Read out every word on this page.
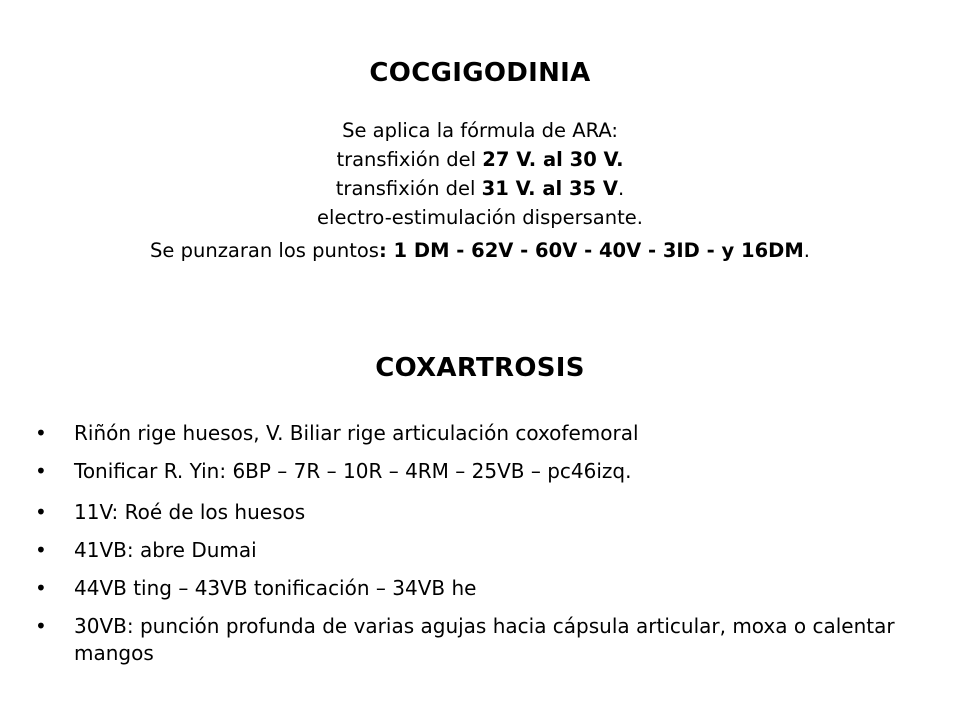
COCGIGODINIA
Se aplica la fórmula de ARA:
transfixión del 27 V. al 30 V.
transfixión del 31 V. al 35 V.
electro-estimulación dispersante.
Se punzaran los puntos: 1 DM - 62V - 60V - 40V - 3ID - y 16DM.
COXARTROSIS
• Riñón rige huesos, V. Biliar rige articulación coxofemoral
• Tonificar R. Yin: 6BP – 7R – 10R – 4RM – 25VB – pc46izq.
• 11V: Roé de los huesos
• 41VB: abre Dumai
• 44VB ting – 43VB tonificación – 34VB he
• 30VB: punción profunda de varias agujas hacia cápsula articular, moxa o calentar mangos
